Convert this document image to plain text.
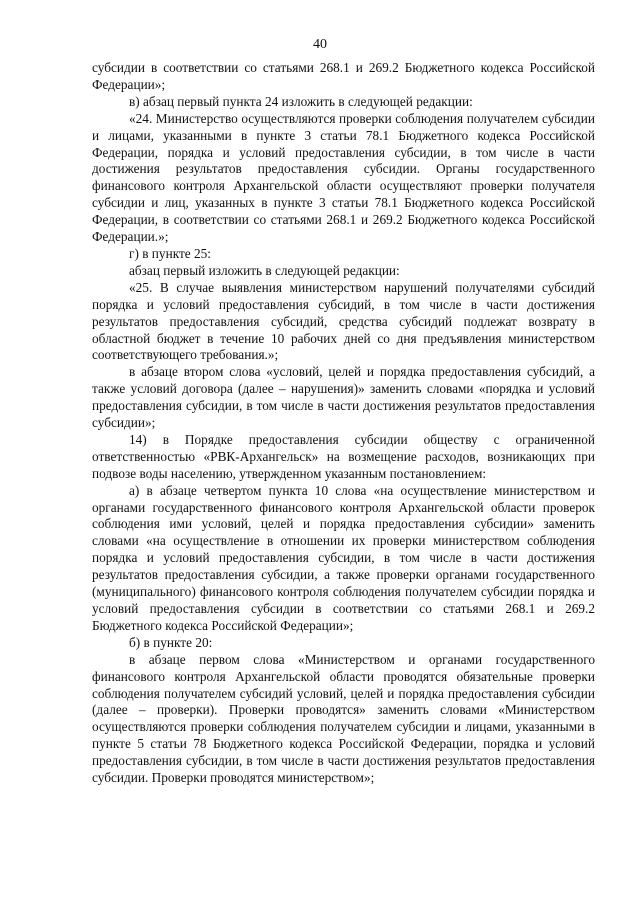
40

субсидии в соответствии со статьями 268.1 и 269.2 Бюджетного кодекса Российской Федерации»;

в) абзац первый пункта 24 изложить в следующей редакции:

«24. Министерство осуществляются проверки соблюдения получателем субсидии и лицами, указанными в пункте 3 статьи 78.1 Бюджетного кодекса Российской Федерации, порядка и условий предоставления субсидии, в том числе в части достижения результатов предоставления субсидии. Органы государственного финансового контроля Архангельской области осуществляют проверки получателя субсидии и лиц, указанных в пункте 3 статьи 78.1 Бюджетного кодекса Российской Федерации, в соответствии со статьями 268.1 и 269.2 Бюджетного кодекса Российской Федерации.»;

г) в пункте 25:

абзац первый изложить в следующей редакции:

«25. В случае выявления министерством нарушений получателями субсидий порядка и условий предоставления субсидий, в том числе в части достижения результатов предоставления субсидий, средства субсидий подлежат возврату в областной бюджет в течение 10 рабочих дней со дня предъявления министерством соответствующего требования.»;

в абзаце втором слова «условий, целей и порядка предоставления субсидий, а также условий договора (далее – нарушения)» заменить словами «порядка и условий предоставления субсидии, в том числе в части достижения результатов предоставления субсидии»;

14) в Порядке предоставления субсидии обществу с ограниченной ответственностью «РВК-Архангельск» на возмещение расходов, возникающих при подвозе воды населению, утвержденном указанным постановлением:

а) в абзаце четвертом пункта 10 слова «на осуществление министерством и органами государственного финансового контроля Архангельской области проверок соблюдения ими условий, целей и порядка предоставления субсидии» заменить словами «на осуществление в отношении их проверки министерством соблюдения порядка и условий предоставления субсидии, в том числе в части достижения результатов предоставления субсидии, а также проверки органами государственного (муниципального) финансового контроля соблюдения получателем субсидии порядка и условий предоставления субсидии в соответствии со статьями 268.1 и 269.2 Бюджетного кодекса Российской Федерации»;

б) в пункте 20:

в абзаце первом слова «Министерством и органами государственного финансового контроля Архангельской области проводятся обязательные проверки соблюдения получателем субсидий условий, целей и порядка предоставления субсидии (далее – проверки). Проверки проводятся» заменить словами «Министерством осуществляются проверки соблюдения получателем субсидии и лицами, указанными в пункте 5 статьи 78 Бюджетного кодекса Российской Федерации, порядка и условий предоставления субсидии, в том числе в части достижения результатов предоставления субсидии. Проверки проводятся министерством»;
